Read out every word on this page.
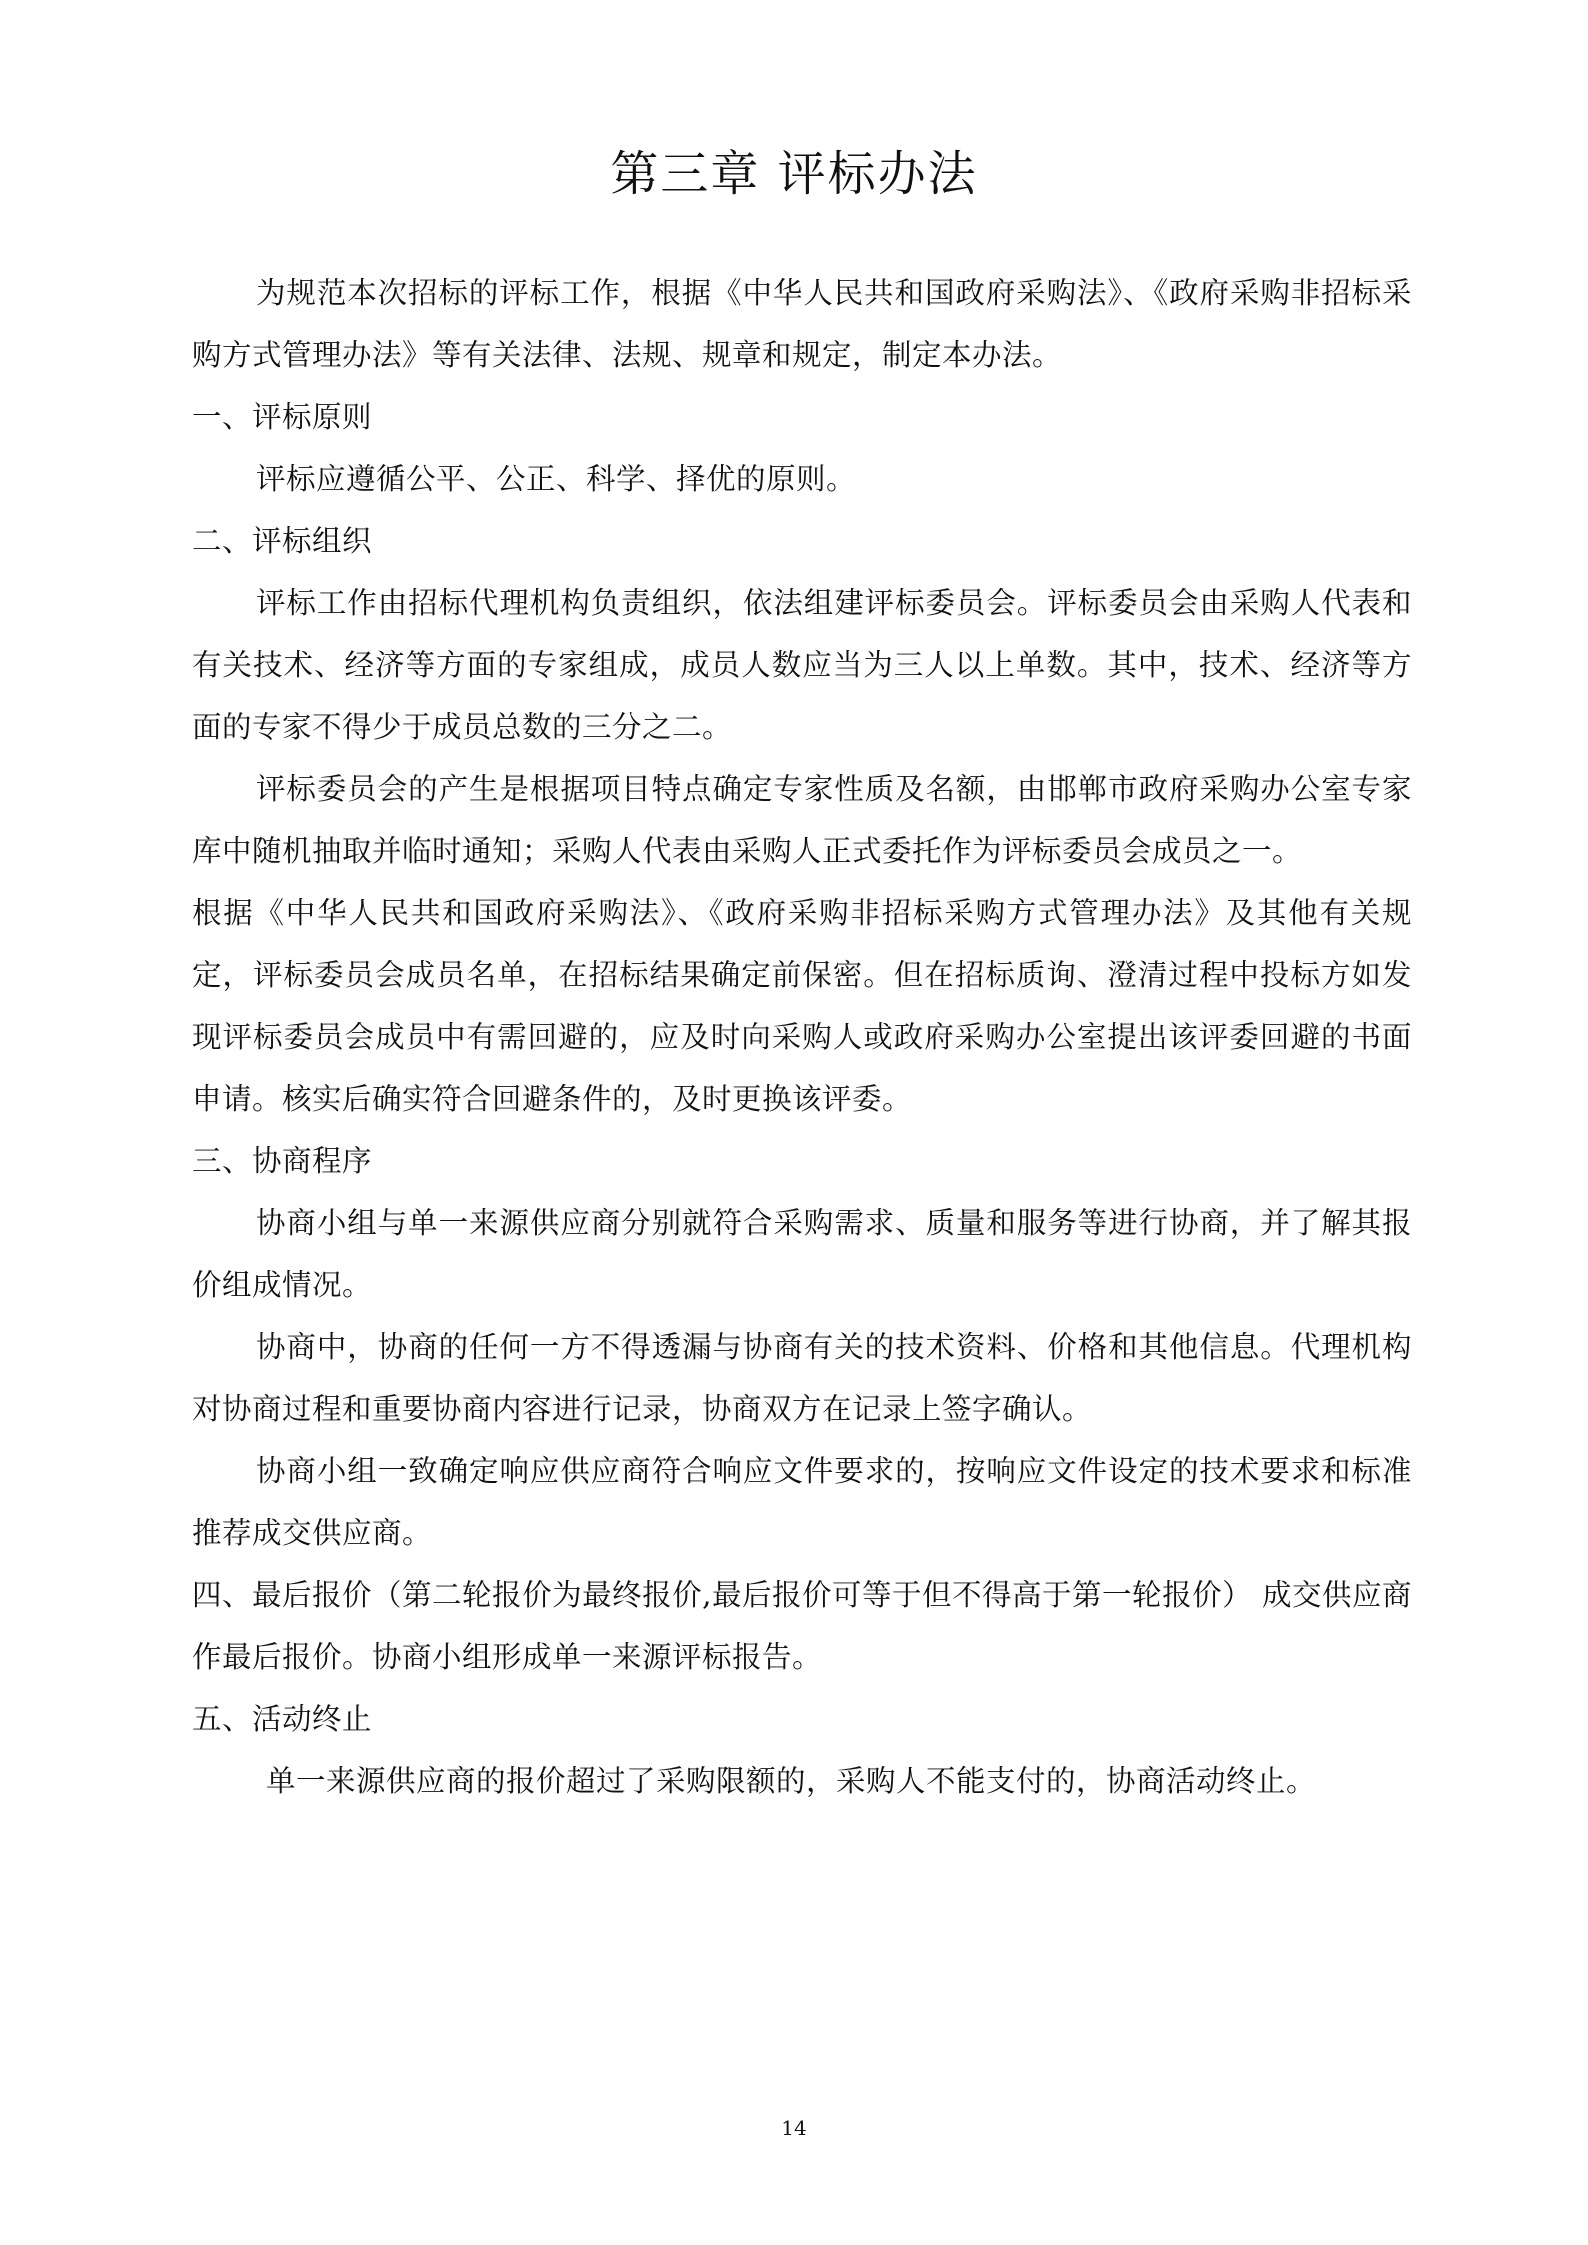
第三章 评标办法

为规范本次招标的评标工作，根据《中华人民共和国政府采购法》、《政府采购非招标采购方式管理办法》等有关法律、法规、规章和规定，制定本办法。

一、评标原则

评标应遵循公平、公正、科学、择优的原则。

二、评标组织

评标工作由招标代理机构负责组织，依法组建评标委员会。评标委员会由采购人代表和有关技术、经济等方面的专家组成，成员人数应当为三人以上单数。其中，技术、经济等方面的专家不得少于成员总数的三分之二。

评标委员会的产生是根据项目特点确定专家性质及名额，由邯郸市政府采购办公室专家库中随机抽取并临时通知；采购人代表由采购人正式委托作为评标委员会成员之一。

根据《中华人民共和国政府采购法》、《政府采购非招标采购方式管理办法》及其他有关规定，评标委员会成员名单，在招标结果确定前保密。但在招标质询、澄清过程中投标方如发现评标委员会成员中有需回避的，应及时向采购人或政府采购办公室提出该评委回避的书面申请。核实后确实符合回避条件的，及时更换该评委。

三、协商程序

协商小组与单一来源供应商分别就符合采购需求、质量和服务等进行协商，并了解其报价组成情况。

协商中，协商的任何一方不得透漏与协商有关的技术资料、价格和其他信息。代理机构对协商过程和重要协商内容进行记录，协商双方在记录上签字确认。

协商小组一致确定响应供应商符合响应文件要求的，按响应文件设定的技术要求和标准推荐成交供应商。

四、最后报价（第二轮报价为最终报价,最后报价可等于但不得高于第一轮报价） 成交供应商作最后报价。协商小组形成单一来源评标报告。

五、活动终止

单一来源供应商的报价超过了采购限额的，采购人不能支付的，协商活动终止。

14
